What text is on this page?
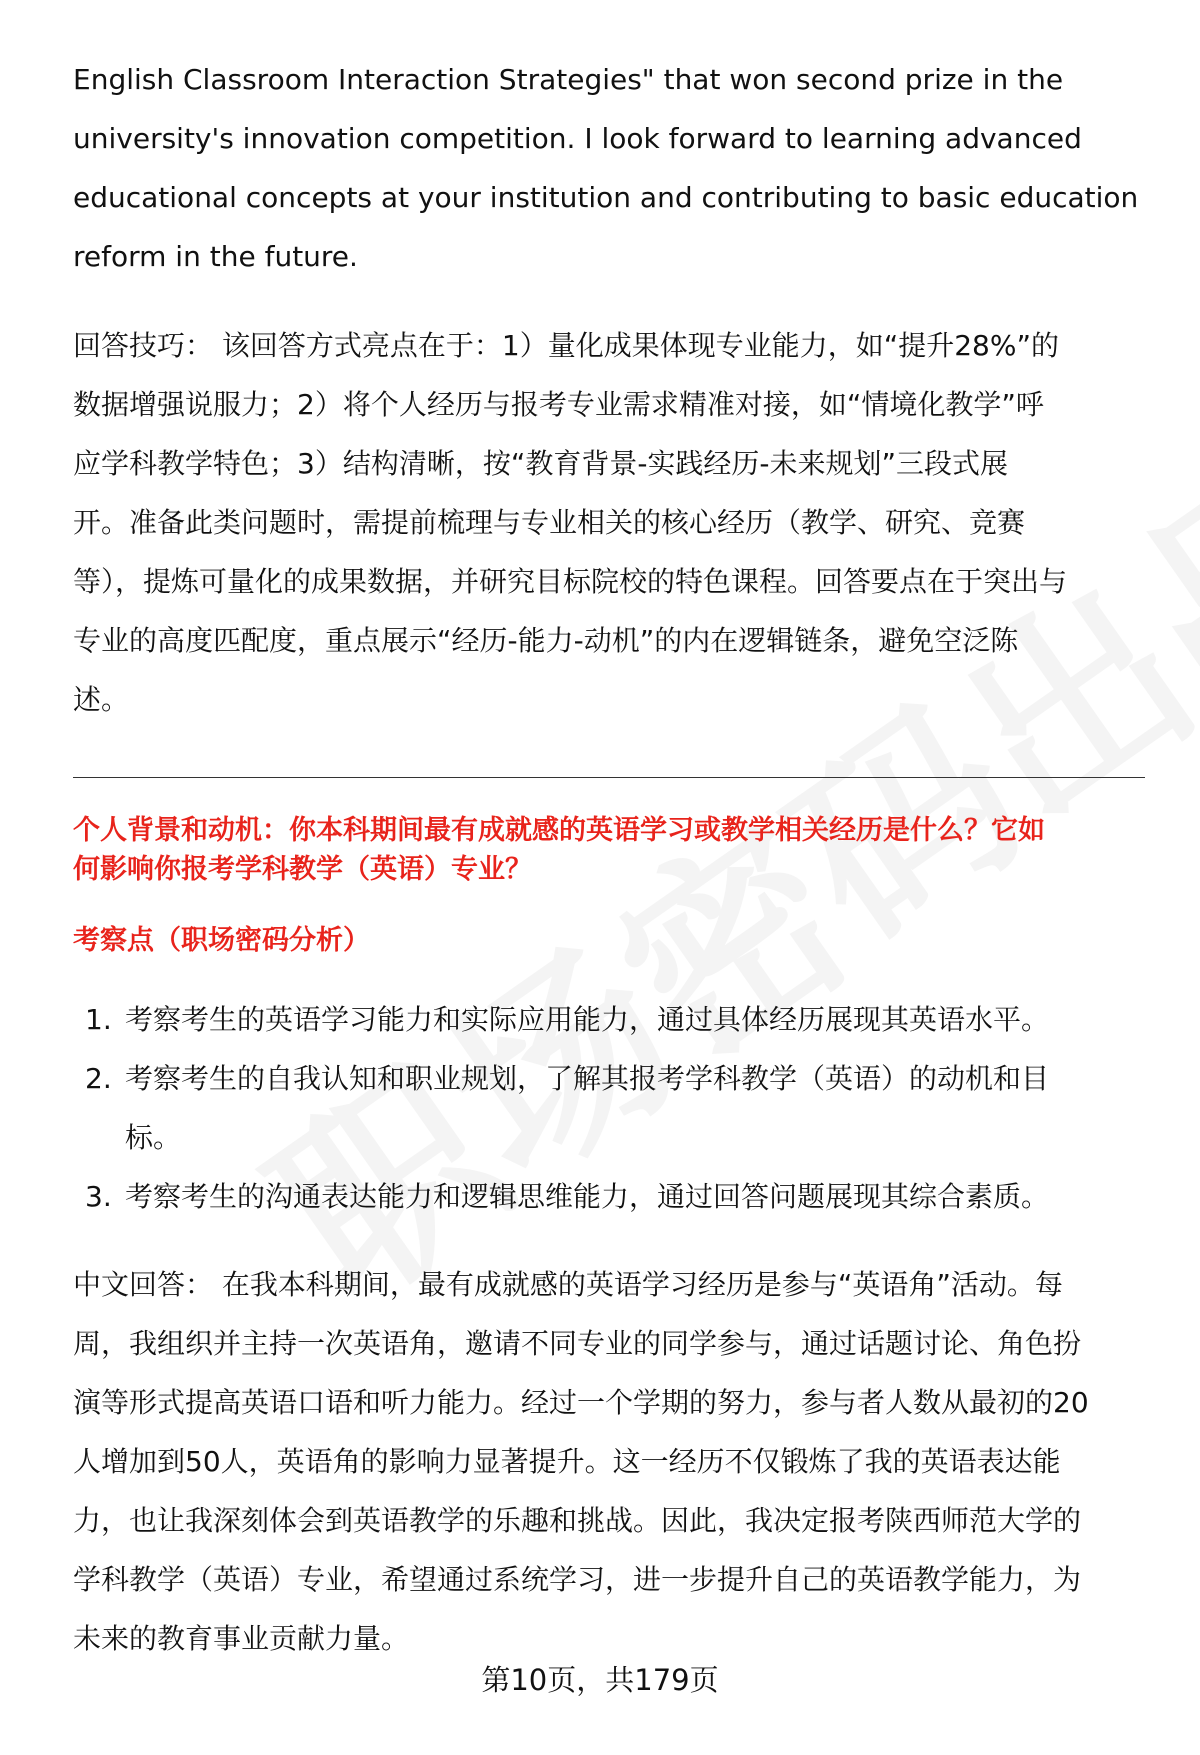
English Classroom Interaction Strategies" that won second prize in the
university's innovation competition. I look forward to learning advanced
educational concepts at your institution and contributing to basic education
reform in the future.
回答技巧： 该回答方式亮点在于：1）量化成果体现专业能力，如“提升28%”的
数据增强说服力；2）将个人经历与报考专业需求精准对接，如“情境化教学”呼
应学科教学特色；3）结构清晰，按“教育背景-实践经历-未来规划”三段式展
开。准备此类问题时，需提前梳理与专业相关的核心经历（教学、研究、竞赛
等），提炼可量化的成果数据，并研究目标院校的特色课程。回答要点在于突出与
专业的高度匹配度，重点展示“经历-能力-动机”的内在逻辑链条，避免空泛陈
述。
个人背景和动机：你本科期间最有成就感的英语学习或教学相关经历是什么？它如
何影响你报考学科教学（英语）专业？
考察点（职场密码分析）
1. 考察考生的英语学习能力和实际应用能力，通过具体经历展现其英语水平。
2. 考察考生的自我认知和职业规划，了解其报考学科教学（英语）的动机和目
标。
3. 考察考生的沟通表达能力和逻辑思维能力，通过回答问题展现其综合素质。
中文回答： 在我本科期间，最有成就感的英语学习经历是参与“英语角”活动。每
周，我组织并主持一次英语角，邀请不同专业的同学参与，通过话题讨论、角色扮
演等形式提高英语口语和听力能力。经过一个学期的努力，参与者人数从最初的20
人增加到50人，英语角的影响力显著提升。这一经历不仅锻炼了我的英语表达能
力，也让我深刻体会到英语教学的乐趣和挑战。因此，我决定报考陕西师范大学的
学科教学（英语）专业，希望通过系统学习，进一步提升自己的英语教学能力，为
未来的教育事业贡献力量。
第10页，共179页
